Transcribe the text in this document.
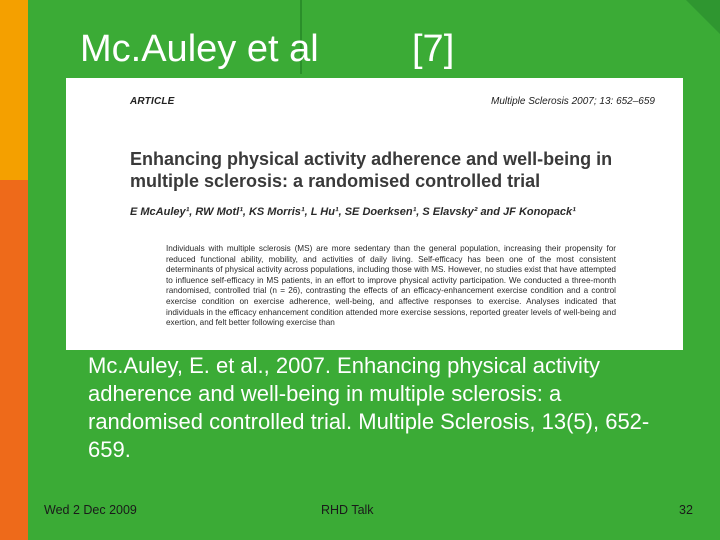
Mc.Auley et al [7]
ARTICLE	Multiple Sclerosis 2007; 13: 652–659
Enhancing physical activity adherence and well-being in multiple sclerosis: a randomised controlled trial
E McAuley¹, RW Motl¹, KS Morris¹, L Hu¹, SE Doerksen¹, S Elavsky² and JF Konopack¹
Individuals with multiple sclerosis (MS) are more sedentary than the general population, increasing their propensity for reduced functional ability, mobility, and activities of daily living. Self-efficacy has been one of the most consistent determinants of physical activity across populations, including those with MS. However, no studies exist that have attempted to influence self-efficacy in MS patients, in an effort to improve physical activity participation. We conducted a three-month randomised, controlled trial (n = 26), contrasting the effects of an efficacy-enhancement exercise condition and a control exercise condition on exercise adherence, well-being, and affective responses to exercise. Analyses indicated that individuals in the efficacy enhancement condition attended more exercise sessions, reported greater levels of well-being and exertion, and felt better following exercise than
Mc.Auley, E. et al., 2007. Enhancing physical activity adherence and well-being in multiple sclerosis: a randomised controlled trial. Multiple Sclerosis, 13(5), 652-659.
Wed 2 Dec 2009	RHD Talk	32
